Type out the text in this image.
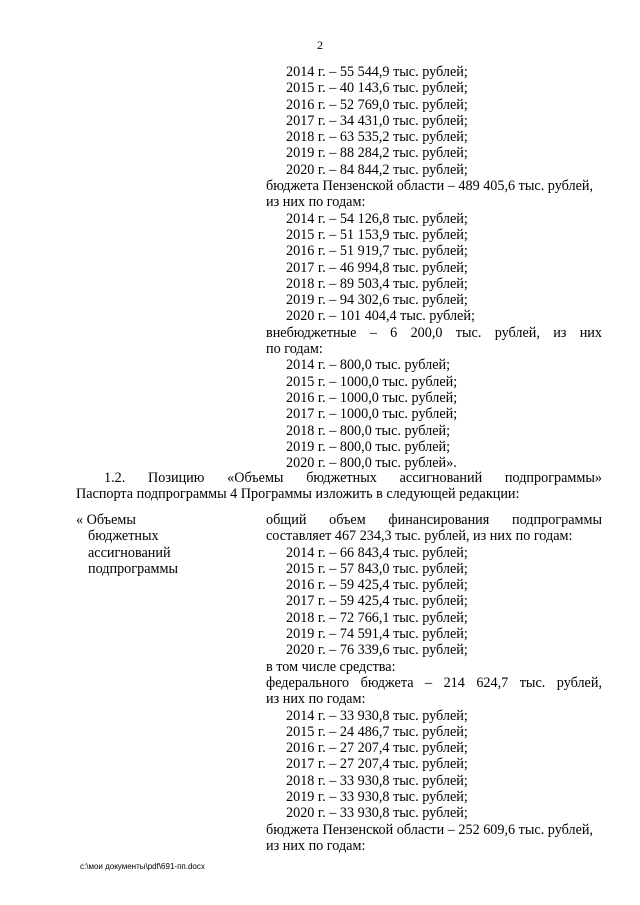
2
2014 г. – 55 544,9 тыс. рублей;
2015 г. – 40 143,6 тыс. рублей;
2016 г. – 52 769,0 тыс. рублей;
2017 г. – 34 431,0 тыс. рублей;
2018 г. – 63 535,2 тыс. рублей;
2019 г. – 88 284,2 тыс. рублей;
2020 г. – 84 844,2 тыс. рублей;
бюджета Пензенской области – 489 405,6 тыс. рублей,
из них по годам:
2014 г. – 54 126,8 тыс. рублей;
2015 г. – 51 153,9 тыс. рублей;
2016 г. – 51 919,7 тыс. рублей;
2017 г. – 46 994,8 тыс. рублей;
2018 г. – 89 503,4 тыс. рублей;
2019 г. – 94 302,6 тыс. рублей;
2020 г. – 101 404,4 тыс. рублей;
внебюджетные – 6 200,0 тыс. рублей, из них
по годам:
2014 г. – 800,0 тыс. рублей;
2015 г. – 1000,0 тыс. рублей;
2016 г. – 1000,0 тыс. рублей;
2017 г. – 1000,0 тыс. рублей;
2018 г. – 800,0 тыс. рублей;
2019 г. – 800,0 тыс. рублей;
2020 г. – 800,0 тыс. рублей».
1.2. Позицию «Объемы бюджетных ассигнований подпрограммы»
Паспорта подпрограммы 4 Программы изложить в следующей редакции:
« Объемы
бюджетных
ассигнований
подпрограммы
общий объем финансирования подпрограммы
составляет 467 234,3 тыс. рублей, из них по годам:
2014 г. – 66 843,4 тыс. рублей;
2015 г. – 57 843,0 тыс. рублей;
2016 г. – 59 425,4 тыс. рублей;
2017 г. – 59 425,4 тыс. рублей;
2018 г. – 72 766,1 тыс. рублей;
2019 г. – 74 591,4 тыс. рублей;
2020 г. – 76 339,6 тыс. рублей;
в том числе средства:
федерального бюджета – 214 624,7 тыс. рублей,
из них по годам:
2014 г. – 33 930,8 тыс. рублей;
2015 г. – 24 486,7 тыс. рублей;
2016 г. – 27 207,4 тыс. рублей;
2017 г. – 27 207,4 тыс. рублей;
2018 г. – 33 930,8 тыс. рублей;
2019 г. – 33 930,8 тыс. рублей;
2020 г. – 33 930,8 тыс. рублей;
бюджета Пензенской области – 252 609,6 тыс. рублей,
из них по годам:
c:\мои документы\pdf\691-пп.docx
